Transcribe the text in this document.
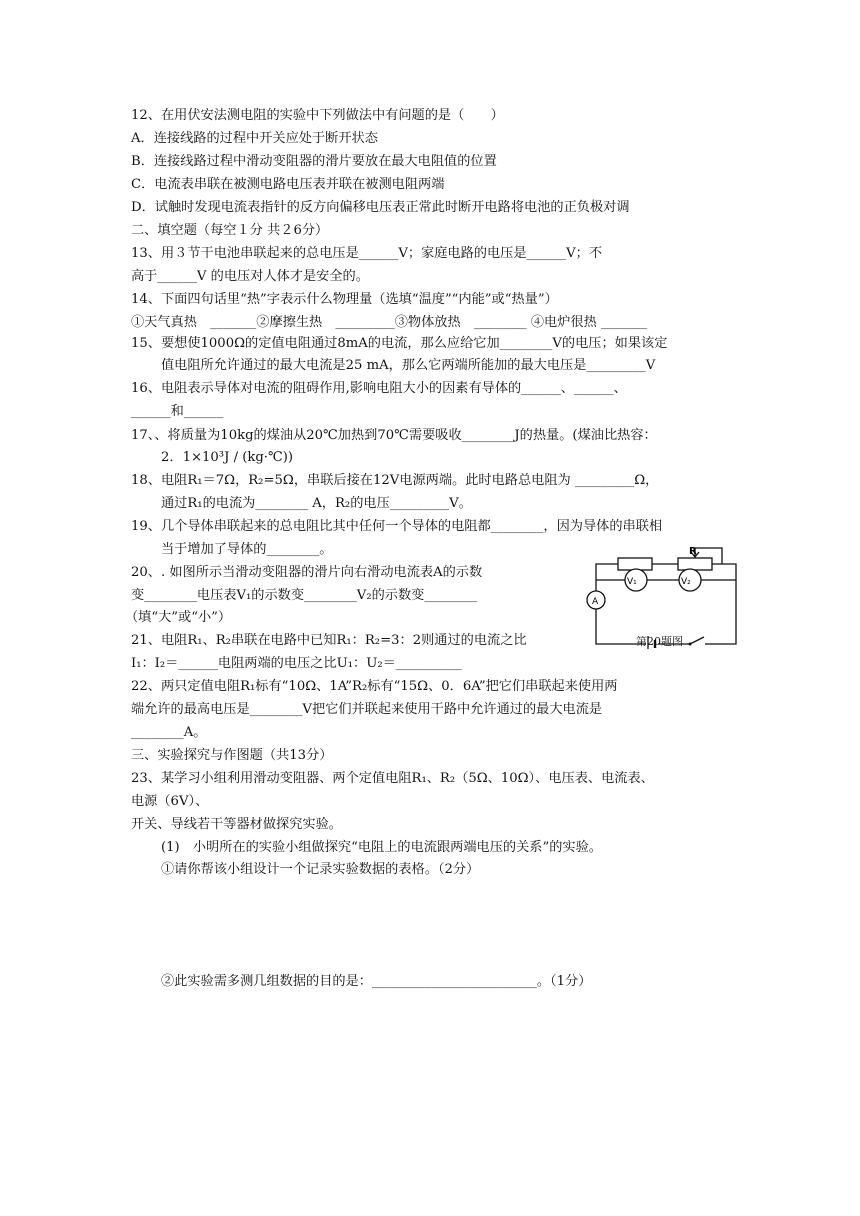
12、在用伏安法测电阻的实验中下列做法中有问题的是（　　）
A．连接线路的过程中开关应处于断开状态
B．连接线路过程中滑动变阻器的滑片要放在最大电阻值的位置
C．电流表串联在被测电路电压表并联在被测电阻两端
D．试触时发现电流表指针的反方向偏移电压表正常此时断开电路将电池的正负极对调
二、填空题（每空１分 共２6分）
13、用３节干电池串联起来的总电压是______V；家庭电路的电压是______V；不
高于______V 的电压对人体才是安全的。
14、下面四句话里“热”字表示什么物理量（选填“温度”“内能”或“热量”）
①天气真热　_______②摩擦生热　_________③物体放热　________ ④电炉很热 _______
15、要想使1000Ω的定值电阻通过8mA的电流，那么应给它加________V的电压；如果该定
值电阻所允许通过的最大电流是25 mA，那么它两端所能加的最大电压是_________V
16、电阻表示导体对电流的阻碍作用,影响电阻大小的因素有导体的______、______、
______和______
17、、将质量为10kg的煤油从20℃加热到70℃需要吸收________J的热量。(煤油比热容：
2．1×10³J / (kg·℃))
18、电阻R₁＝7Ω，R₂=5Ω，串联后接在12V电源两端。此时电路总电阻为 _________Ω，
通过R₁的电流为________ A，R₂的电压_________V。
19、几个导体串联起来的总电阻比其中任何一个导体的电阻都________，因为导体的串联相
当于增加了导体的________。
20、. 如图所示当滑动变阻器的滑片向右滑动电流表A的示数
变________电压表V₁的示数变________V₂的示数变________
（填“大”或“小”）
21、电阻R₁、R₂串联在电路中已知R₁：R₂=3：2则通过的电流之比
I₁：I₂＝______电阻两端的电压之比U₁：U₂＝__________
22、两只定值电阻R₁标有“10Ω、1A”R₂标有“15Ω、0．6A”把它们串联起来使用两
端允许的最高电压是________V把它们并联起来使用干路中允许通过的最大电流是
________A。
三、实验探究与作图题（共13分）
23、某学习小组利用滑动变阻器、两个定值电阻R₁、R₂（5Ω、10Ω）、电压表、电流表、
电源（6V）、
开关、导线若干等器材做探究实验。
(1)　小明所在的实验小组做探究“电阻上的电流跟两端电压的关系”的实验。
①请你帮该小组设计一个记录实验数据的表格。（2分）
②此实验需多测几组数据的目的是：_________________________。（1分）
R
V₁	V₂
A
第20题图
